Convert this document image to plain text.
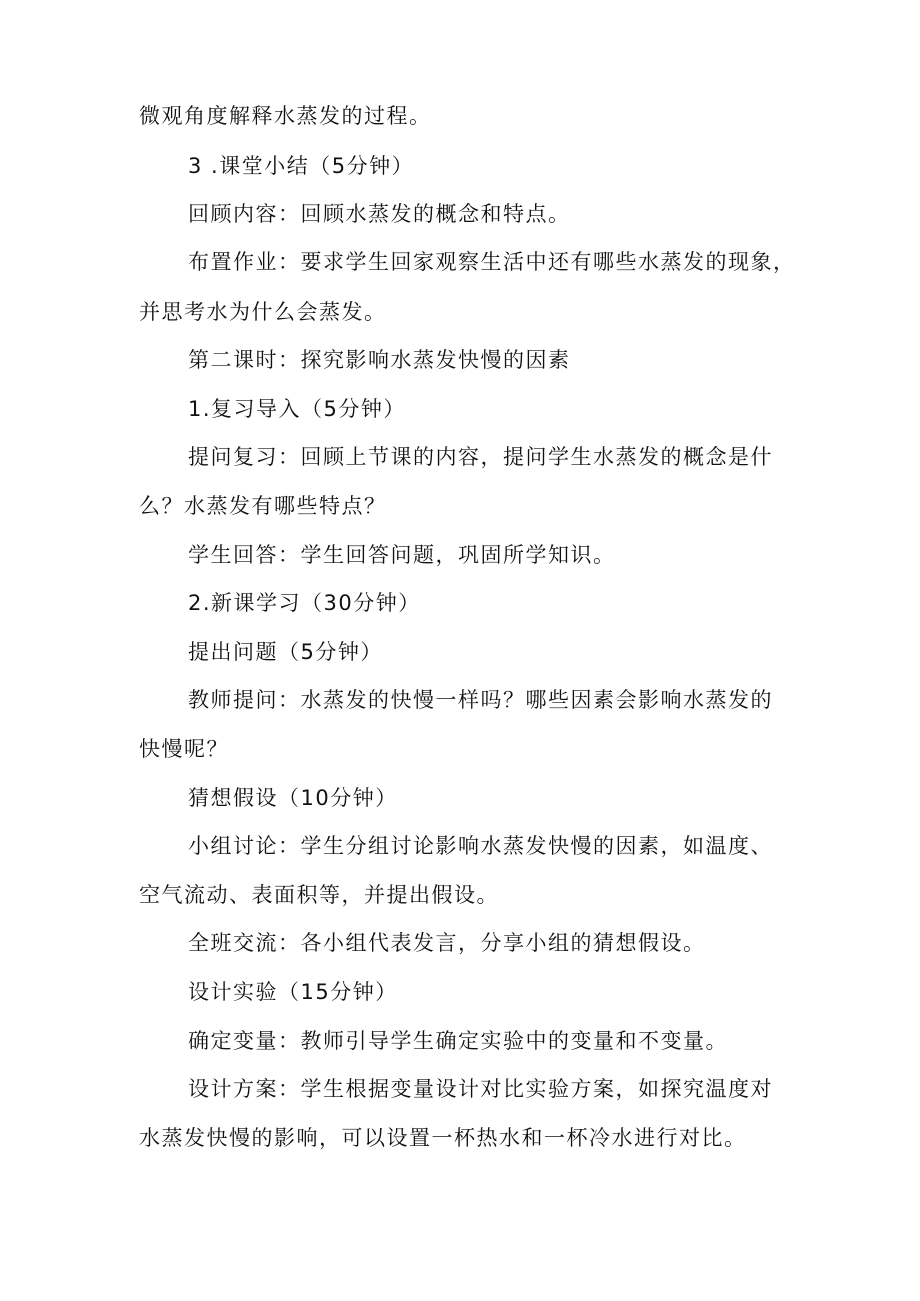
微观角度解释水蒸发的过程。
3 .课堂小结（5分钟）
回顾内容：回顾水蒸发的概念和特点。
布置作业：要求学生回家观察生活中还有哪些水蒸发的现象，
并思考水为什么会蒸发。
第二课时：探究影响水蒸发快慢的因素
1.复习导入（5分钟）
提问复习：回顾上节课的内容，提问学生水蒸发的概念是什
么？水蒸发有哪些特点？
学生回答：学生回答问题，巩固所学知识。
2.新课学习（30分钟）
提出问题（5分钟）
教师提问：水蒸发的快慢一样吗？哪些因素会影响水蒸发的
快慢呢？
猜想假设（10分钟）
小组讨论：学生分组讨论影响水蒸发快慢的因素，如温度、
空气流动、表面积等，并提出假设。
全班交流：各小组代表发言，分享小组的猜想假设。
设计实验（15分钟）
确定变量：教师引导学生确定实验中的变量和不变量。
设计方案：学生根据变量设计对比实验方案，如探究温度对
水蒸发快慢的影响，可以设置一杯热水和一杯冷水进行对比。
